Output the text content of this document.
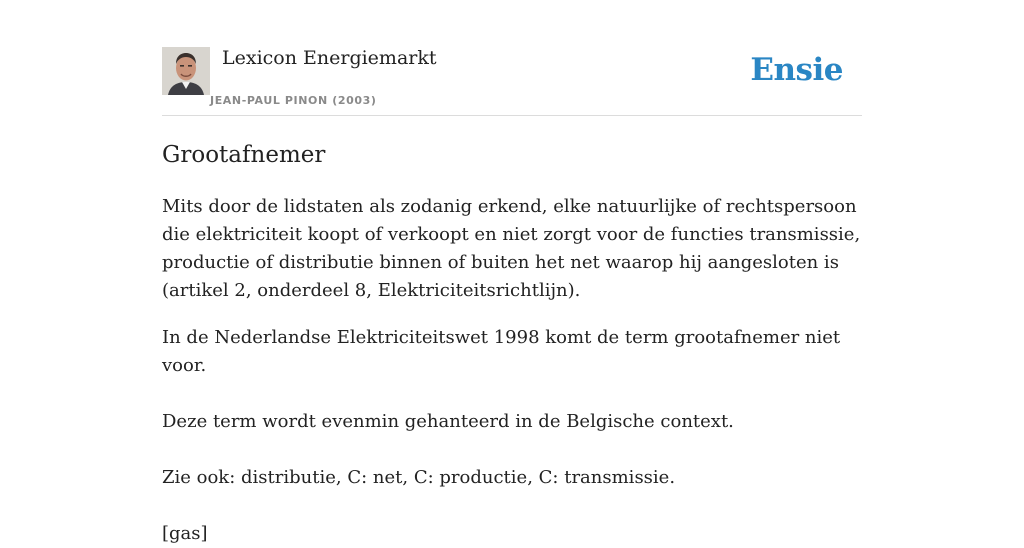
Lexicon Energiemarkt
JEAN-PAUL PINON (2003)
Ensie
Grootafnemer

Mits door de lidstaten als zodanig erkend, elke natuurlijke of rechtspersoon die elektriciteit koopt of verkoopt en niet zorgt voor de functies transmissie, productie of distributie binnen of buiten het net waarop hij aangesloten is (artikel 2, onderdeel 8, Elektriciteitsrichtlijn).

In de Nederlandse Elektriciteitswet 1998 komt de term grootafnemer niet voor.

Deze term wordt evenmin gehanteerd in de Belgische context.

Zie ook: distributie, C: net, C: productie, C: transmissie.

[gas]
